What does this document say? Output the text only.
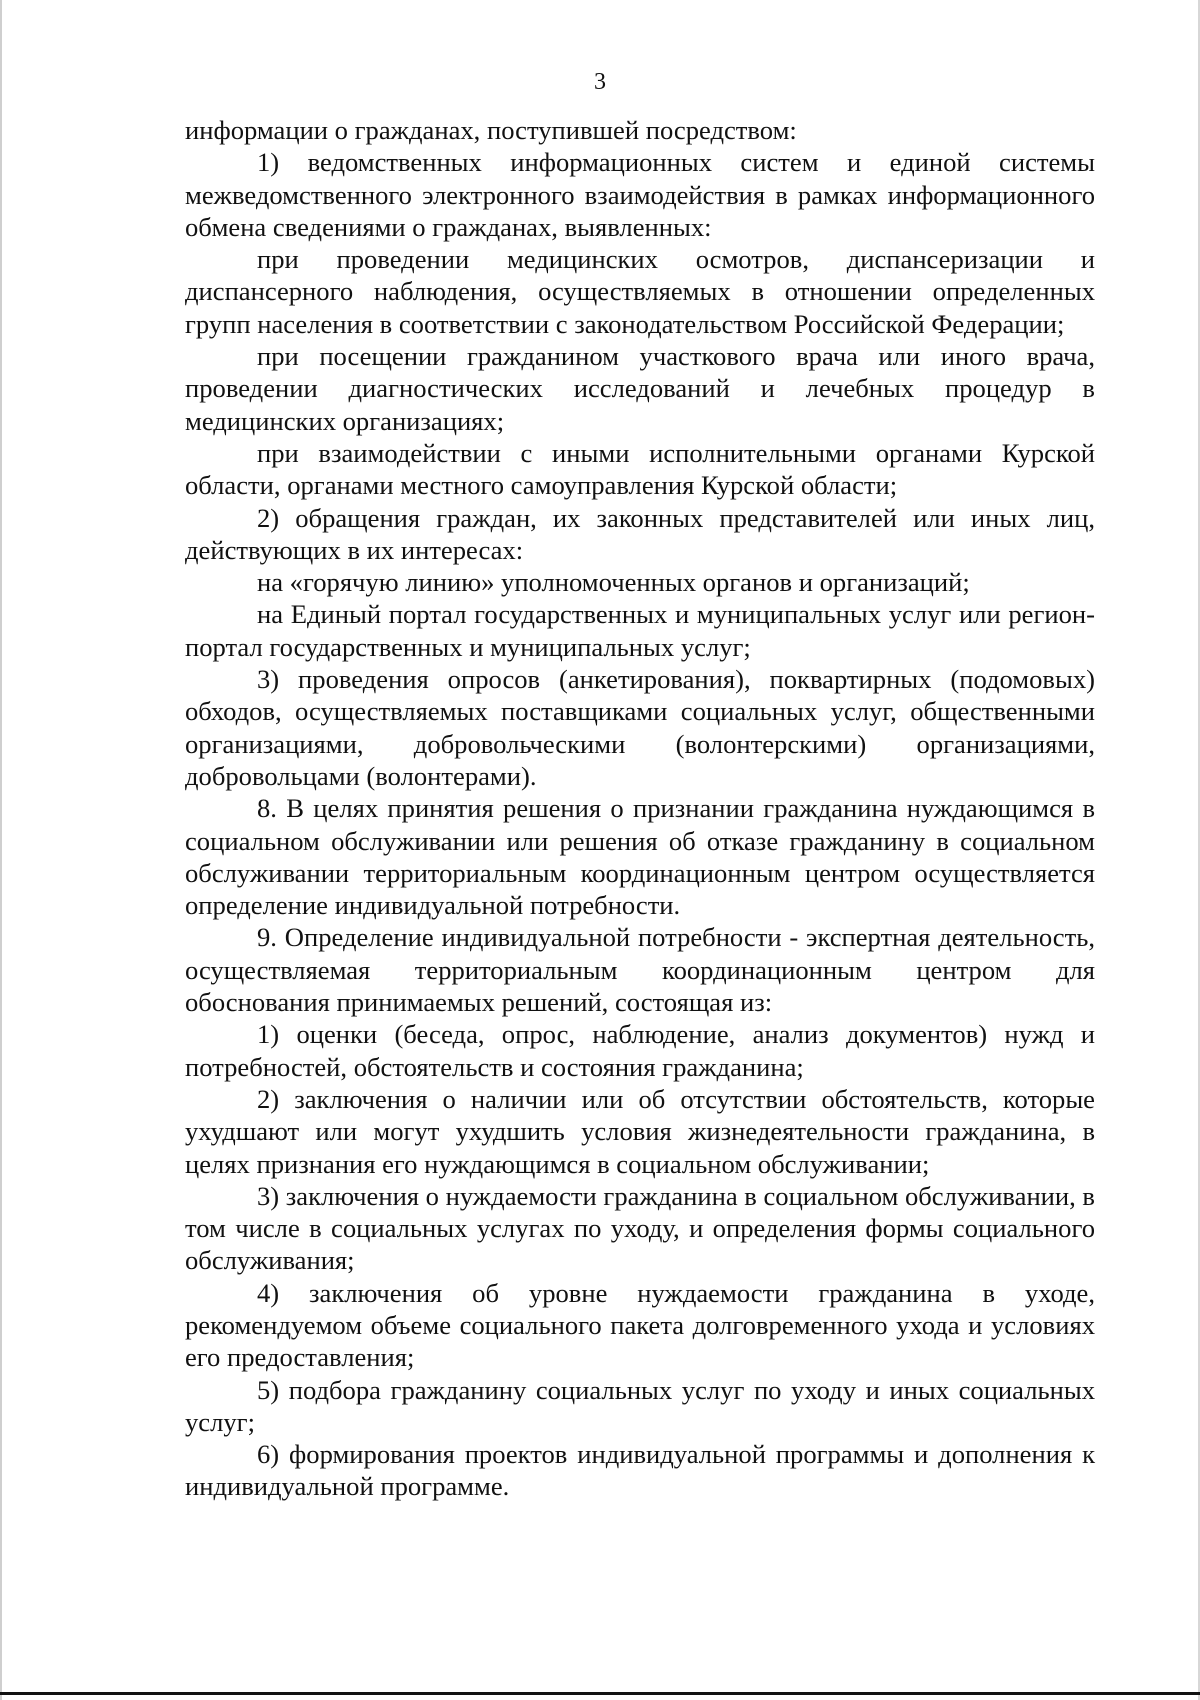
3

информации о гражданах, поступившей посредством:

1) ведомственных информационных систем и единой системы межведомственного электронного взаимодействия в рамках информационного обмена сведениями о гражданах, выявленных:

при проведении медицинских осмотров, диспансеризации и диспансерного наблюдения, осуществляемых в отношении определенных групп населения в соответствии с законодательством Российской Федерации;

при посещении гражданином участкового врача или иного врача, проведении диагностических исследований и лечебных процедур в медицинских организациях;

при взаимодействии с иными исполнительными органами Курской области, органами местного самоуправления Курской области;

2) обращения граждан, их законных представителей или иных лиц, действующих в их интересах:

на «горячую линию» уполномоченных органов и организаций;

на Единый портал государственных и муниципальных услуг или регион-портал государственных и муниципальных услуг;

3) проведения опросов (анкетирования), поквартирных (подомовых) обходов, осуществляемых поставщиками социальных услуг, общественными организациями, добровольческими (волонтерскими) организациями, добровольцами (волонтерами).

8. В целях принятия решения о признании гражданина нуждающимся в социальном обслуживании или решения об отказе гражданину в социальном обслуживании территориальным координационным центром осуществляется определение индивидуальной потребности.

9. Определение индивидуальной потребности - экспертная деятельность, осуществляемая территориальным координационным центром для обоснования принимаемых решений, состоящая из:

1) оценки (беседа, опрос, наблюдение, анализ документов) нужд и потребностей, обстоятельств и состояния гражданина;

2) заключения о наличии или об отсутствии обстоятельств, которые ухудшают или могут ухудшить условия жизнедеятельности гражданина, в целях признания его нуждающимся в социальном обслуживании;

3) заключения о нуждаемости гражданина в социальном обслуживании, в том числе в социальных услугах по уходу, и определения формы социального обслуживания;

4) заключения об уровне нуждаемости гражданина в уходе, рекомендуемом объеме социального пакета долговременного ухода и условиях его предоставления;

5) подбора гражданину социальных услуг по уходу и иных социальных услуг;

6) формирования проектов индивидуальной программы и дополнения к индивидуальной программе.
